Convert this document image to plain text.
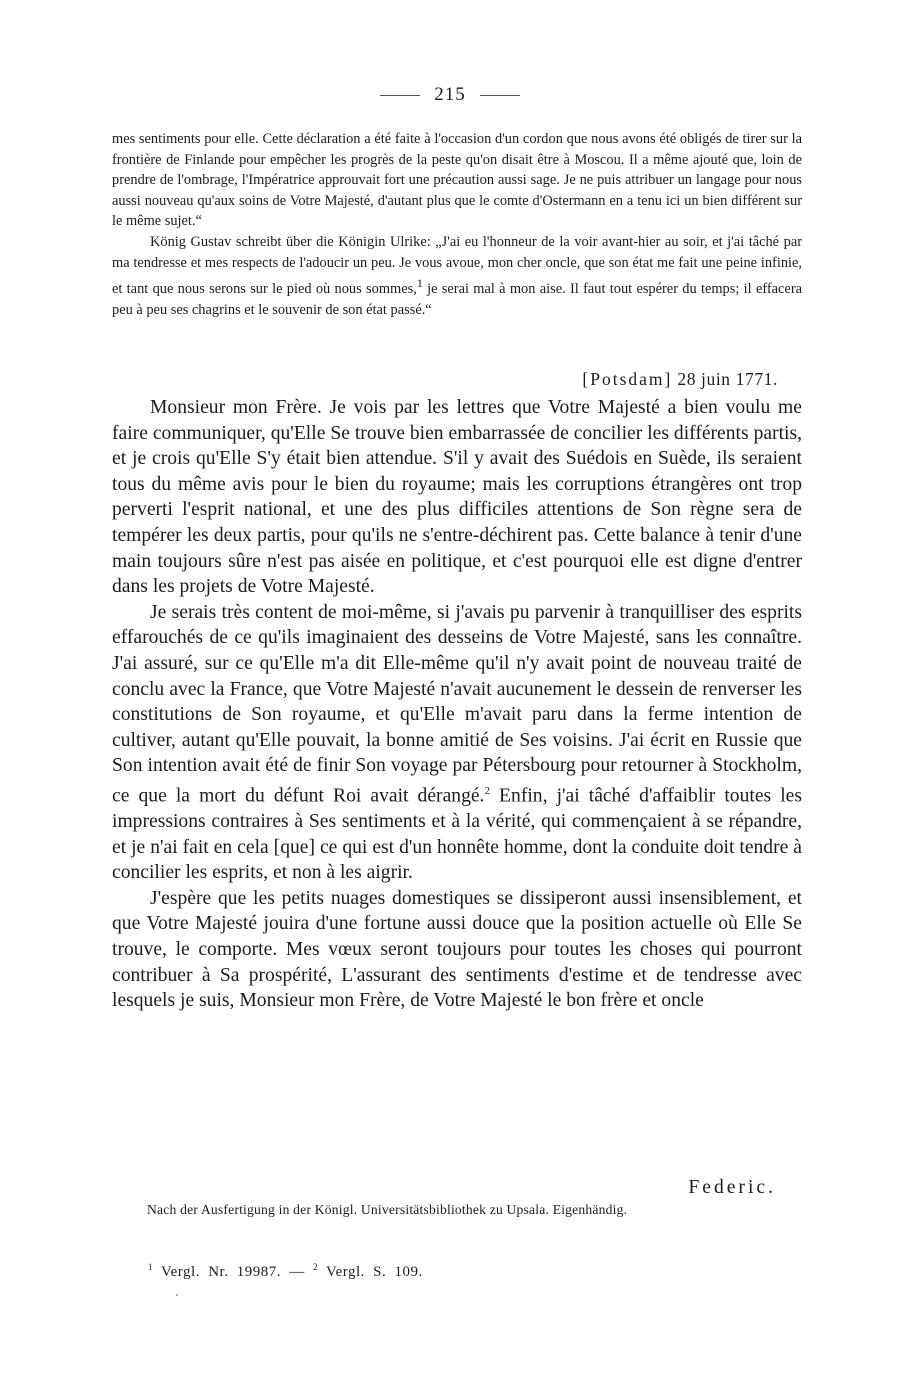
215

mes sentiments pour elle. Cette déclaration a été faite à l'occasion d'un cordon que nous avons été obligés de tirer sur la frontière de Finlande pour empêcher les progrès de la peste qu'on disait être à Moscou. Il a même ajouté que, loin de prendre de l'ombrage, l'Impératrice approuvait fort une précaution aussi sage. Je ne puis attribuer un langage pour nous aussi nouveau qu'aux soins de Votre Majesté, d'autant plus que le comte d'Ostermann en a tenu ici un bien différent sur le même sujet.“

König Gustav schreibt über die Königin Ulrike: „J'ai eu l'honneur de la voir avant-hier au soir, et j'ai tâché par ma tendresse et mes respects de l'adoucir un peu. Je vous avoue, mon cher oncle, que son état me fait une peine infinie, et tant que nous serons sur le pied où nous sommes,$^1$ je serai mal à mon aise. Il faut tout espérer du temps; il effacera peu à peu ses chagrins et le souvenir de son état passé.“

[Potsdam] 28 juin 1771.

Monsieur mon Frère. Je vois par les lettres que Votre Majesté a bien voulu me faire communiquer, qu'Elle Se trouve bien embarrassée de concilier les différents partis, et je crois qu'Elle S'y était bien attendue. S'il y avait des Suédois en Suède, ils seraient tous du même avis pour le bien du royaume; mais les corruptions étrangères ont trop perverti l'esprit national, et une des plus difficiles attentions de Son règne sera de tempérer les deux partis, pour qu'ils ne s'entre-déchirent pas. Cette balance à tenir d'une main toujours sûre n'est pas aisée en politique, et c'est pourquoi elle est digne d'entrer dans les projets de Votre Majesté.

Je serais très content de moi-même, si j'avais pu parvenir à tranquilliser des esprits effarouchés de ce qu'ils imaginaient des desseins de Votre Majesté, sans les connaître. J'ai assuré, sur ce qu'Elle m'a dit Elle-même qu'il n'y avait point de nouveau traité de conclu avec la France, que Votre Majesté n'avait aucunement le dessein de renverser les constitutions de Son royaume, et qu'Elle m'avait paru dans la ferme intention de cultiver, autant qu'Elle pouvait, la bonne amitié de Ses voisins. J'ai écrit en Russie que Son intention avait été de finir Son voyage par Pétersbourg pour retourner à Stockholm, ce que la mort du défunt Roi avait dérangé.$^2$ Enfin, j'ai tâché d'affaiblir toutes les impressions contraires à Ses sentiments et à la vérité, qui commençaient à se répandre, et je n'ai fait en cela [que] ce qui est d'un honnête homme, dont la conduite doit tendre à concilier les esprits, et non à les aigrir.

J'espère que les petits nuages domestiques se dissiperont aussi insensiblement, et que Votre Majesté jouira d'une fortune aussi douce que la position actuelle où Elle Se trouve, le comporte. Mes vœux seront toujours pour toutes les choses qui pourront contribuer à Sa prospérité, L'assurant des sentiments d'estime et de tendresse avec lesquels je suis, Monsieur mon Frère, de Votre Majesté le bon frère et oncle

Federic.
Nach der Ausfertigung in der Königl. Universitätsbibliothek zu Upsala. Eigenhändig.
$^1$ Vergl. Nr. 19987. — $^2$ Vergl. S. 109.
